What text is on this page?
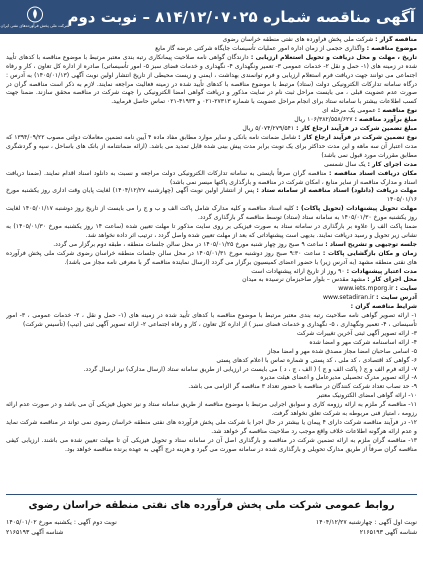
آگهی مناقصه شماره ۸۱۴/۱۲/۰۷۰۲۵ – نوبت دوم
شرکت ملی پخش فرآورده‌های نفتی ایران

مناقصه گزار : شرکت ملی پخش فرآورده های نفتی منطقه خراسان رضوی

موضوع مناقصه : واگذاری حجمی از زمان اداره امور عملیات تأسیسات جایگاه شرکتی عرضه گاز مایع

تاریخ ، مهلت و محل دریافت و تحویل استعلام ارزیابی : دارندگان گواهی نامه صلاحیت پیمانکاری رتبه بندی معتبر مرتبط با موضوع مناقصه با کدهای تأیید شده در زمینه های (۱- حمل و نقل ۲- خدمات عمومی ۳- تعمیر ونگهداری ۴- نگهداری و خدمات فضای سبز ۵- امور تأسیساتی) صادره از اداره کل تعاون ، کار و رفاه اجتماعی می توانند جهت دریافت فرم استعلام ارزیابی و فرم توانمندی بهداشت ، ایمنی و زیست محیطی از تاریخ انتشار اولین نوبت آگهی (۱۴۰۵/۰۱/۱۳) به آدرس : درگاه سامانه تدارکات الکترونیکی دولت (ستاد) مرتبط با موضوع مناقصه با کدهای تأیید شده در زمینه فعالیت مراجعه نمایند. لازم به ذکر است مناقصه گران در صورت عدم عضویت قبلی ، می بایست مراحل ثبت نام در سایت مذکور و دریافت گواهی امضا الکترونیکی را جهت شرکت در مناقصه محقق سازند. ضمنا جهت کسب اطلاعات بیشتر با سامانه ستاد برای انجام مراحل عضویت با شماره ۲۷۳۱۳-۰۲۱ و ۴۱۹۳۴-۰۲۱ تماس حاصل فرمایید.

نوع مناقصه : عمومی یک مرحله ای

مبلغ برآورد مناقصه : ۱۰۶/۳۸۲/۵۵۸/۶۲۷ ریال

مبلغ تضمین شرکت در فرآیند ارجاع کار : ۵/۰۷۴/۲۷۹/۵۴۱ ریال

نوع تضمین شرکت در فرآیند ارجاع کار : شامل ضمانت نامه بانکی و سایر موارد مطابق مفاد ماده ۴ آیین نامه تضمین معاملات دولتی مصوب ۱۳۹۴/۰۹/۲۲ که مدت اعتبار آن سه ماهه و این مدت حداکثر برای یک نوبت برابر مدت پیش بینی شده قابل تمدید می باشد. (ارائه ضمانتنامه از بانک های باساحل ، سپه و گردشگری مطابق مقررات مورد قبول نمی باشد)

مدت اجرای کار : یک سال شمسی

مکان دریافت اسناد مناقصه : مناقصه گران صرفاً بایستی به سامانه تدارکات الکترونیکی دولت مراجعه و نسبت به دانلود اسناد اقدام نمایند. (ضمنا دریافت اسناد و مدارک مناقصه از سایر منابع ، امکان شرکت در مناقصه و بارگذاری پاکتها میسر نمی باشد)

مهلت دریافت (دانلود) اسناد مناقصه از سامانه ستاد : پس از انتشار اولین نوبت آگهی (چهارشنبه ۱۴۰۴/۱۲/۲۷) لغایت پایان وقت اداری روز یکشنبه مورخ ۱۴۰۵/۰۱/۱۶

مهلت تحویل پیشنهادات (تحویل پاکات) : کلیه اسناد مناقصه و کلیه مدارک شامل پاکت الف و ب و ج را می بایست از تاریخ روز دوشنبه ۱۴۰۵/۰۱/۱۷ لغایت روز یکشنبه مورخ ۱۴۰۵/۰۱/۳۰ به سامانه ستاد (ستاد) توسط مناقصه گر بارگذاری گردد.

ضمنا پاکت الف را علاوه بر بارگذاری در سامانه ستاد به صورت فیزیکی بر روی سایت مذکور تا مهلت تعیین شده (ساعت ۱۴ روز یکشنبه مورخ ۱۴۰۵/۰۱/۳۰) به نشانی زیر تحویل و رسید دریافت نمایند. بدیهی است پیشنهاداتی که بعد از مهلت تعیین شده واصل گردد ، ترتیب اثر داده نخواهد شد.

جلسه توجیهی و تشریح اسناد : ساعت ۹ صبح روز چهار شنبه مورخ ۱۴۰۵/۰۱/۲۵ در محل سالن جلسات منطقه ، طبقه دوم برگزار می گردد.

زمان و مکان بازگشایی پاکات : ساعت ۹:۳۰ صبح روز دوشنبه مورخ ۱۴۰۵/۰۱/۳۱ در محل سالن جلسات منطقه خراسان رضوی شرکت ملی پخش فرآورده های نفتی منطقه مشهد (به آدرس زیر) با حضور اعضای کمیسیون برگزار می گردد (ارسال نماینده مناقصه گر با معرفی نامه مجاز می باشد).

مدت اعتبار پیشنهادات : ۹۰ روز از تاریخ ارائه پیشنهادات است

محل اجرای کار : مشهد مقدس – بلوار صاحبزمان نرسیده به میدان

سایت : www.iets.mporg.ir

آدرس سایت : www.setadiran.ir

شرایط مناقصه گران :

۱- ارائه تصویر گواهی نامه صلاحیت رتبه بندی معتبر مرتبط با موضوع مناقصه با کدهای تأیید شده در زمینه های (۱- حمل و نقل ، ۲- خدمات عمومی ، ۳- امور تأسیساتی ، ۴- تعمیر ونگهداری ، ۵- نگهداری و خدمات فضای سبز ) از اداره کل تعاون ، کار و رفاه اجتماعی ۲- ارائه تصویر آگهی ثبتی (تیپ) (تأسیس شرکت)

۳- ارائه تصویر آگهی ثبتی آخرین تغییرات شرکت

۴- ارائه اساسنامه شرکت مهر و امضا شده

۵- اسامی صاحبان امضا مجاز مصدق شده مهر و امضا مجاز

۶- گواهی کد اقتصادی ، کد ملی ، کد پستی و شماره تماس با اعلام کدهای پستی

۷- ارائه فرم الف و ج ( پاکت الف و ج ) ( الف ، ج ، د ) می بایست در ارزیابی از طریق سامانه ستاد (ارسال مدارک) نیز ارسال گردد.

۸- ارائه تصویر مدرک تحصیلی مدیرعامل و اعضای هیئت مدیره

۹- حد نصاب تعداد شرکت کنندگان در مناقصه با حضور تعداد ۳ مناقصه گر الزامی می باشد.

۱۰- ارائه گواهی امضای الکترونیک معتبر

۱۱- مناقصه گر ملزم به ارائه رزومه کاری و سوابق اجرایی مرتبط با موضوع مناقصه از طریق سامانه ستاد و نیز تحویل فیزیکی آن می باشد و در صورت عدم ارائه رزومه ، امتیاز فنی مربوطه به شرکت تعلق نخواهد گرفت.

۱۲- در فرآیند مناقصه شرکت دارای ۴ پیمان یا بیشتر در حال اجرا با شرکت ملی پخش فرآورده های نفتی منطقه خراسان رضوی نمی تواند در مناقصه شرکت نماید و عدم ارائه هرگونه اطلاعات خلاف واقع موجب رد صلاحیت مناقصه گر خواهد شد.

۱۳- مناقصه گران ملزم به ارائه تضمین شرکت در مناقصه و بارگذاری اصل آن در سامانه ستاد و تحویل فیزیکی آن تا مهلت تعیین شده می باشند. ارزیابی کیفی مناقصه گران صرفاً از طریق مدارک تحویلی و بارگذاری شده در سامانه صورت می گیرد و هزینه درج آگهی به عهده برنده مناقصه خواهد بود.

روابط عمومی شرکت ملی پخش فرآورده های نفتی منطقه خراسان رضوی
نوبت اول آگهی : چهارشنبه ۱۴۰۴/۱۲/۲۷
نوبت دوم آگهی : یکشنبه مورخ ۱۴۰۵/۰۱/۰۲
شناسه آگهی ۲۱۶۵۱۹۳
شناسه آگهی ۲۱۶۵۱۹۳
